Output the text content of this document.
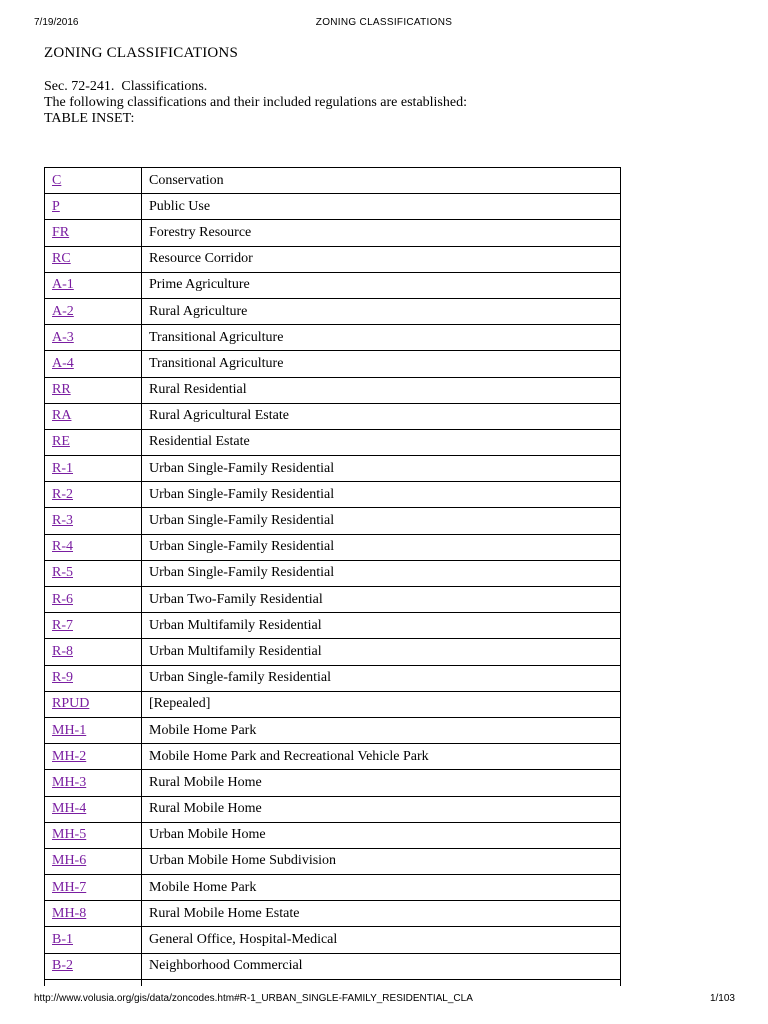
7/19/2016	ZONING CLASSIFICATIONS
ZONING CLASSIFICATIONS
Sec. 72-241.  Classifications.
The following classifications and their included regulations are established:
TABLE INSET:
C	Conservation
P	Public Use
FR	Forestry Resource
RC	Resource Corridor
A-1	Prime Agriculture
A-2	Rural Agriculture
A-3	Transitional Agriculture
A-4	Transitional Agriculture
RR	Rural Residential
RA	Rural Agricultural Estate
RE	Residential Estate
R-1	Urban Single-Family Residential
R-2	Urban Single-Family Residential
R-3	Urban Single-Family Residential
R-4	Urban Single-Family Residential
R-5	Urban Single-Family Residential
R-6	Urban Two-Family Residential
R-7	Urban Multifamily Residential
R-8	Urban Multifamily Residential
R-9	Urban Single-family Residential
RPUD	[Repealed]
MH-1	Mobile Home Park
MH-2	Mobile Home Park and Recreational Vehicle Park
MH-3	Rural Mobile Home
MH-4	Rural Mobile Home
MH-5	Urban Mobile Home
MH-6	Urban Mobile Home Subdivision
MH-7	Mobile Home Park
MH-8	Rural Mobile Home Estate
B-1	General Office, Hospital-Medical
B-2	Neighborhood Commercial

http://www.volusia.org/gis/data/zoncodes.htm#R-1_URBAN_SINGLE-FAMILY_RESIDENTIAL_CLA	1/103
